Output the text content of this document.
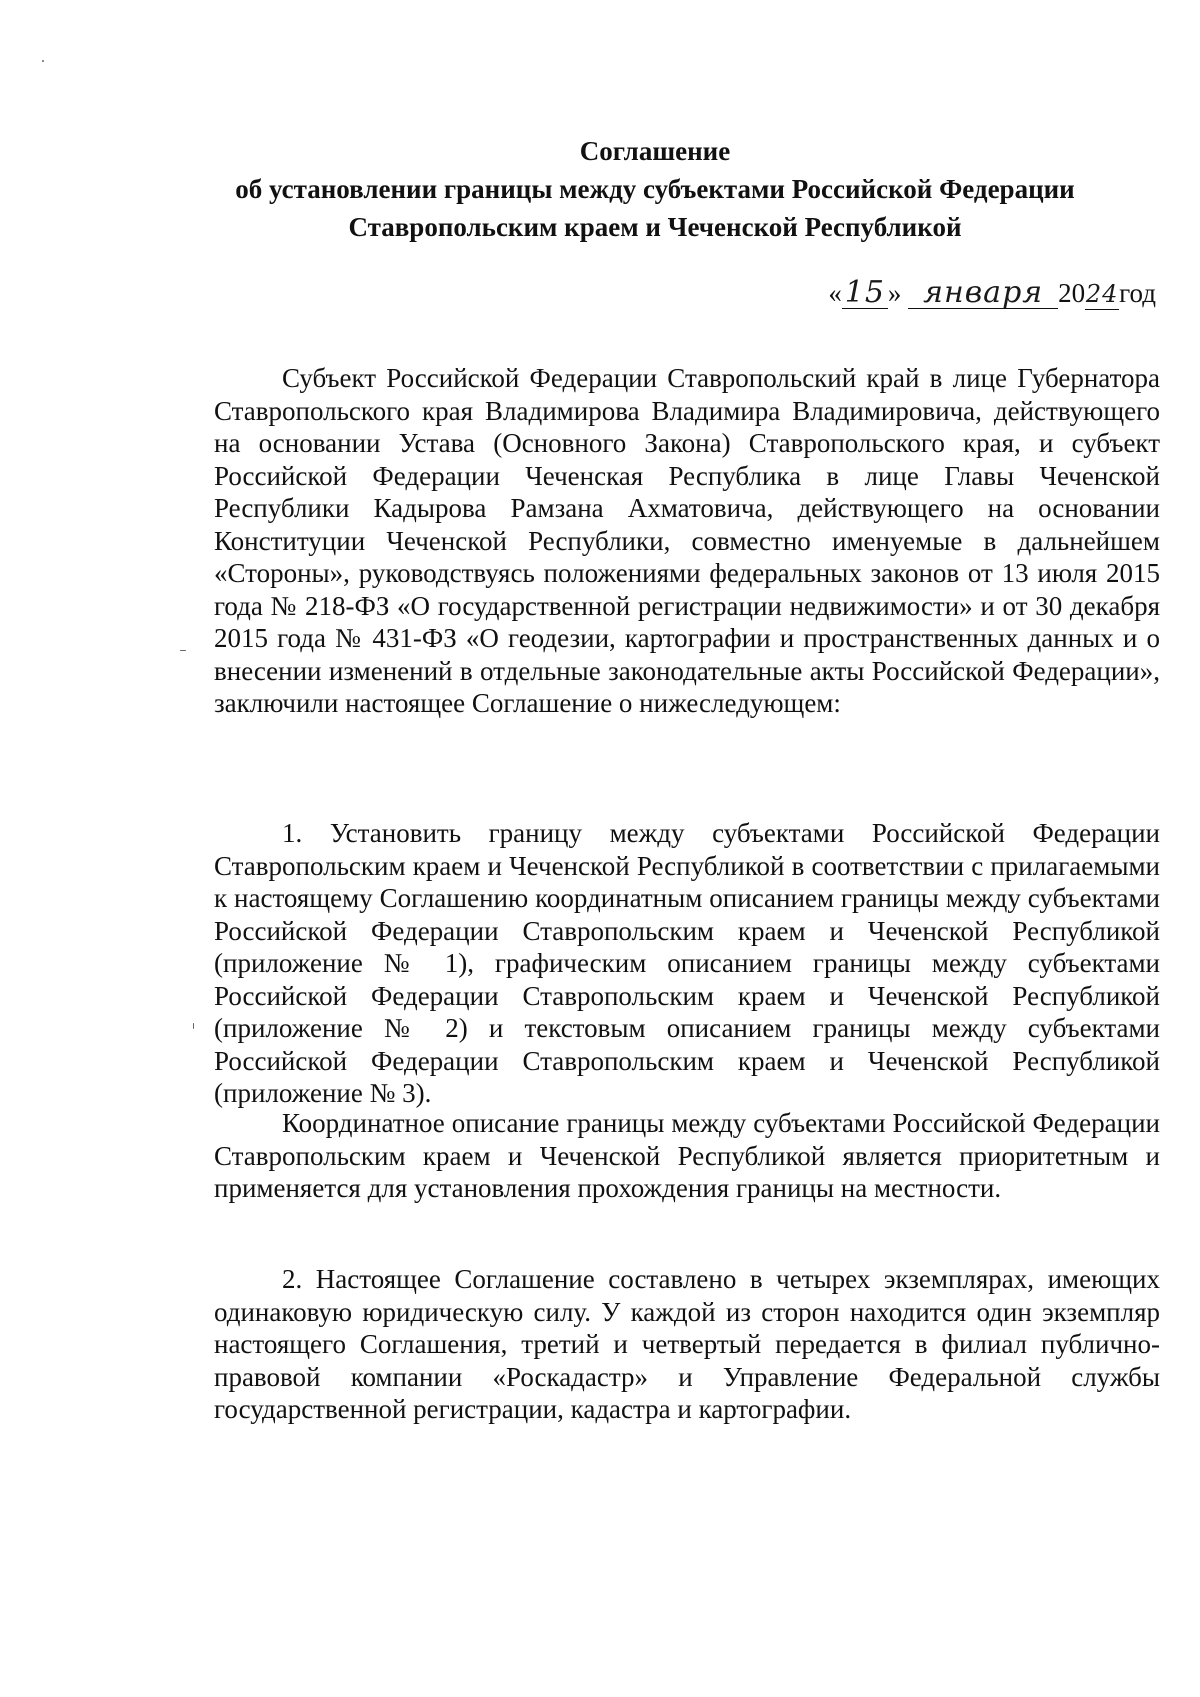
Соглашение
об установлении границы между субъектами Российской Федерации
Ставропольским краем и Чеченской Республикой
«15 » января 2024год

Субъект Российской Федерации Ставропольский край в лице Губернатора Ставропольского края Владимирова Владимира Владимировича, действующего на основании Устава (Основного Закона) Ставропольского края, и субъект Российской Федерации Чеченская Республика в лице Главы Чеченской Республики Кадырова Рамзана Ахматовича, действующего на основании Конституции Чеченской Республики, совместно именуемые в дальнейшем «Стороны», руководствуясь положениями федеральных законов от 13 июля 2015 года № 218-ФЗ «О государственной регистрации недвижимости» и от 30 декабря 2015 года № 431-ФЗ «О геодезии, картографии и пространственных данных и о внесении изменений в отдельные законодательные акты Российской Федерации», заключили настоящее Соглашение о нижеследующем:

1. Установить границу между субъектами Российской Федерации Ставропольским краем и Чеченской Республикой в соответствии с прилагаемыми к настоящему Соглашению координатным описанием границы между субъектами Российской Федерации Ставропольским краем и Чеченской Республикой (приложение № 1), графическим описанием границы между субъектами Российской Федерации Ставропольским краем и Чеченской Республикой (приложение № 2) и текстовым описанием границы между субъектами Российской Федерации Ставропольским краем и Чеченской Республикой (приложение № 3).

Координатное описание границы между субъектами Российской Федерации Ставропольским краем и Чеченской Республикой является приоритетным и применяется для установления прохождения границы на местности.

2. Настоящее Соглашение составлено в четырех экземплярах, имеющих одинаковую юридическую силу. У каждой из сторон находится один экземпляр настоящего Соглашения, третий и четвертый передается в филиал публично-правовой компании «Роскадастр» и Управление Федеральной службы государственной регистрации, кадастра и картографии.
